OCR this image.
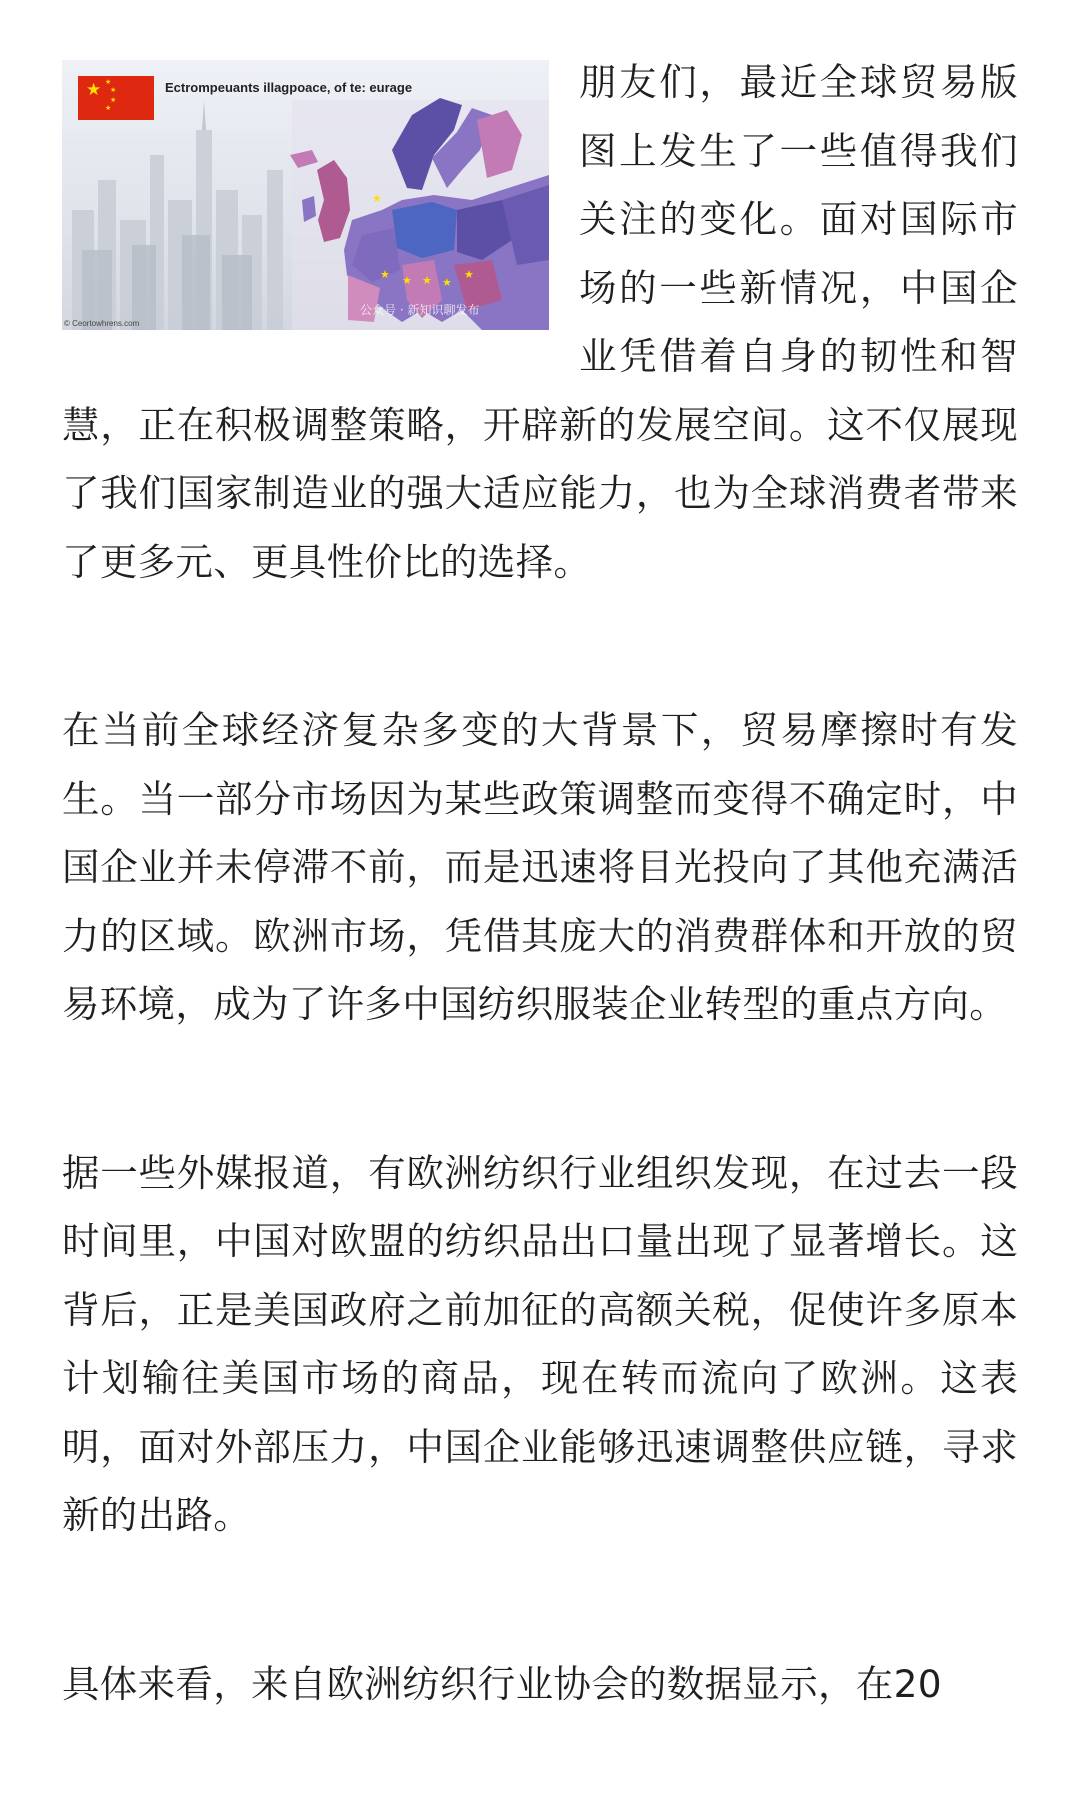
★
★ ★ ★ ★
★
★ ★
★
★
★
Ectrompeuants illagpoace, of te: eurage
© Ceortowhrens.com
公众号 · 新知识聊发布

朋友们，最近全球贸易版图上发生了一些值得我们关注的变化。面对国际市场的一些新情况，中国企业凭借着自身的韧性和智慧，正在积极调整策略，开辟新的发展空间。这不仅展现了我们国家制造业的强大适应能力，也为全球消费者带来了更多元、更具性价比的选择。

在当前全球经济复杂多变的大背景下，贸易摩擦时有发生。当一部分市场因为某些政策调整而变得不确定时，中国企业并未停滞不前，而是迅速将目光投向了其他充满活力的区域。欧洲市场，凭借其庞大的消费群体和开放的贸易环境，成为了许多中国纺织服装企业转型的重点方向。

据一些外媒报道，有欧洲纺织行业组织发现，在过去一段时间里，中国对欧盟的纺织品出口量出现了显著增长。这背后，正是美国政府之前加征的高额关税，促使许多原本计划输往美国市场的商品，现在转而流向了欧洲。这表明，面对外部压力，中国企业能够迅速调整供应链，寻求新的出路。

具体来看，来自欧洲纺织行业协会的数据显示，在20
